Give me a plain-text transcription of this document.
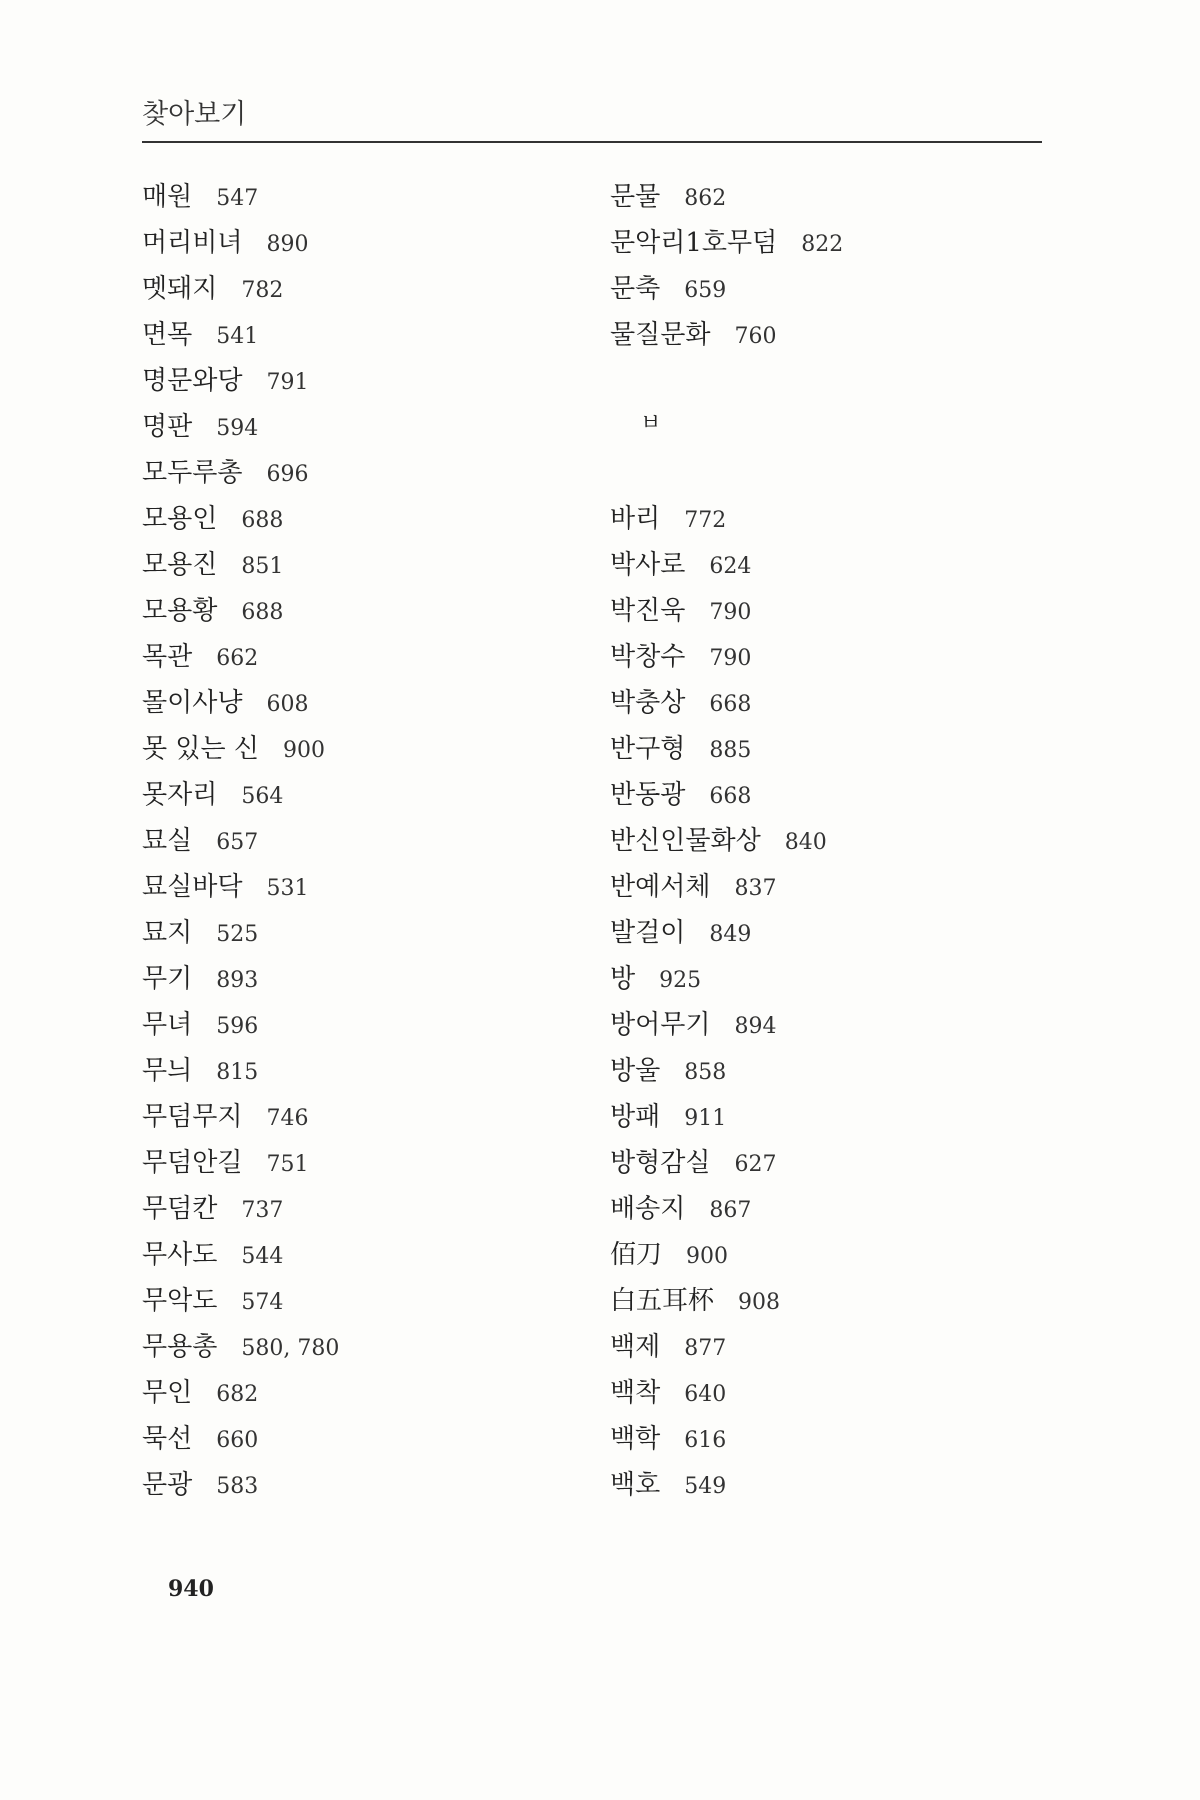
찾아보기
매원 547
머리비녀 890
멧돼지 782
면목 541
명문와당 791
명판 594
모두루총 696
모용인 688
모용진 851
모용황 688
목관 662
몰이사냥 608
못 있는 신 900
못자리 564
묘실 657
묘실바닥 531
묘지 525
무기 893
무녀 596
무늬 815
무덤무지 746
무덤안길 751
무덤칸 737
무사도 544
무악도 574
무용총 580, 780
무인 682
묵선 660
문광 583
문물 862
문악리1호무덤 822
문축 659
물질문화 760
ㅂ
바리 772
박사로 624
박진욱 790
박창수 790
박충상 668
반구형 885
반동광 668
반신인물화상 840
반예서체 837
발걸이 849
방 925
방어무기 894
방울 858
방패 911
방형감실 627
배송지 867
佰刀 900
白五耳杯 908
백제 877
백착 640
백학 616
백호 549
940
